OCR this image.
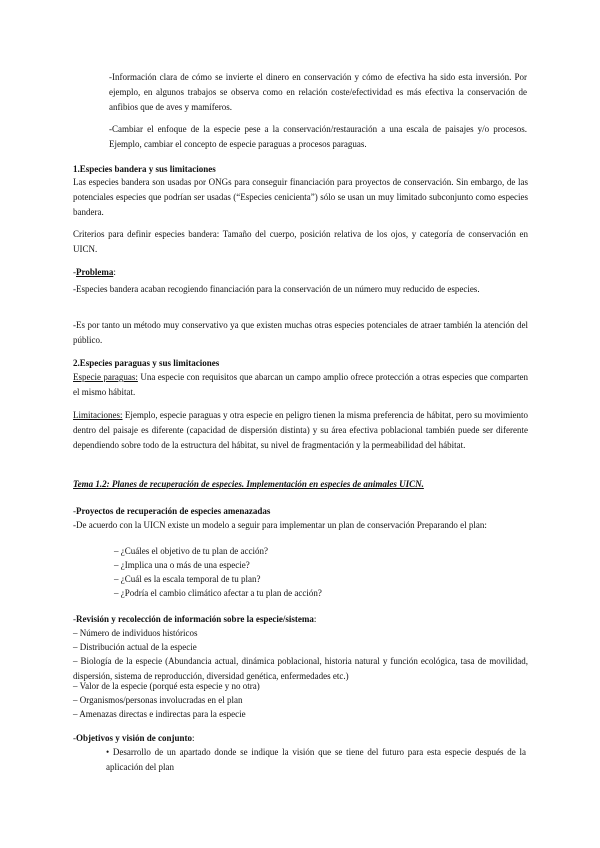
-Información clara de cómo se invierte el dinero en conservación y cómo de efectiva ha sido esta inversión. Por ejemplo, en algunos trabajos se observa como en relación coste/efectividad es más efectiva la conservación de anfibios que de aves y mamíferos.

-Cambiar el enfoque de la especie pese a la conservación/restauración a una escala de paisajes y/o procesos. Ejemplo, cambiar el concepto de especie paraguas a procesos paraguas.

1.Especies bandera y sus limitaciones

Las especies bandera son usadas por ONGs para conseguir financiación para proyectos de conservación. Sin embargo, de las potenciales especies que podrían ser usadas (“Especies cenicienta”) sólo se usan un muy limitado subconjunto como especies bandera.

Criterios para definir especies bandera: Tamaño del cuerpo, posición relativa de los ojos, y categoría de conservación en UICN.

-Problema:

-Especies bandera acaban recogiendo financiación para la conservación de un número muy reducido de especies.

-Es por tanto un método muy conservativo ya que existen muchas otras especies potenciales de atraer también la atención del público.

2.Especies paraguas y sus limitaciones

Especie paraguas: Una especie con requisitos que abarcan un campo amplio ofrece protección a otras especies que comparten el mismo hábitat.

Limitaciones: Ejemplo, especie paraguas y otra especie en peligro tienen la misma preferencia de hábitat, pero su movimiento dentro del paisaje es diferente (capacidad de dispersión distinta) y su área efectiva poblacional también puede ser diferente dependiendo sobre todo de la estructura del hábitat, su nivel de fragmentación y la permeabilidad del hábitat.

Tema 1.2: Planes de recuperación de especies. Implementación en especies de animales UICN.

-Proyectos de recuperación de especies amenazadas

-De acuerdo con la UICN existe un modelo a seguir para implementar un plan de conservación Preparando el plan:

– ¿Cuáles el objetivo de tu plan de acción?

– ¿Implica una o más de una especie?

– ¿Cuál es la escala temporal de tu plan?

– ¿Podría el cambio climático afectar a tu plan de acción?

-Revisión y recolección de información sobre la especie/sistema:

– Número de individuos históricos

– Distribución actual de la especie

– Biología de la especie (Abundancia actual, dinámica poblacional, historia natural y función ecológica, tasa de movilidad, dispersión, sistema de reproducción, diversidad genética, enfermedades etc.)

– Valor de la especie (porqué esta especie y no otra)

– Organismos/personas involucradas en el plan

– Amenazas directas e indirectas para la especie

-Objetivos y visión de conjunto:

• Desarrollo de un apartado donde se indique la visión que se tiene del futuro para esta especie después de la aplicación del plan
